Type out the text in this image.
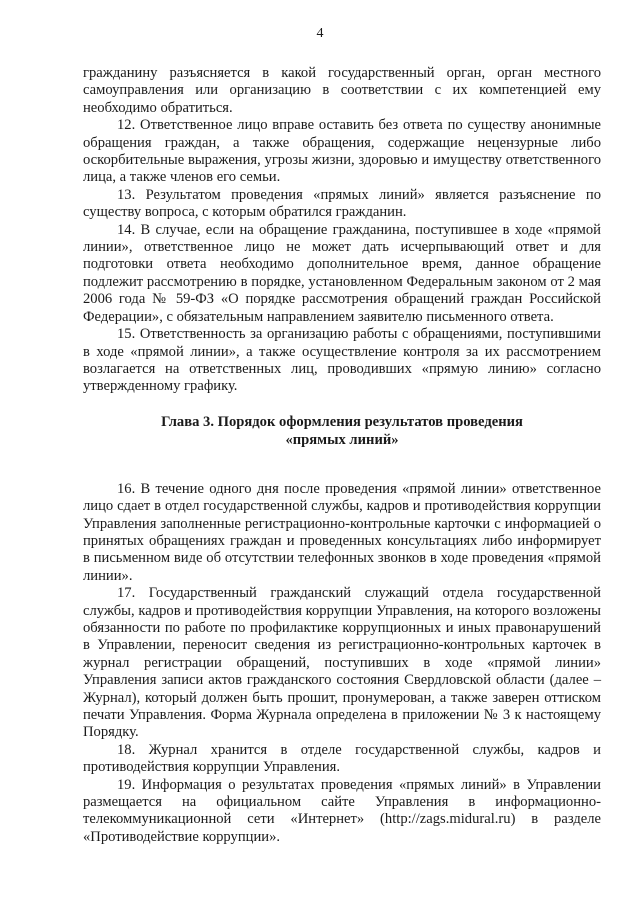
4

гражданину разъясняется в какой государственный орган, орган местного самоуправления или организацию в соответствии с их компетенцией ему необходимо обратиться.

12. Ответственное лицо вправе оставить без ответа по существу анонимные обращения граждан, а также обращения, содержащие нецензурные либо оскорбительные выражения, угрозы жизни, здоровью и имуществу ответственного лица, а также членов его семьи.

13. Результатом проведения «прямых линий» является разъяснение по существу вопроса, с которым обратился гражданин.

14. В случае, если на обращение гражданина, поступившее в ходе «прямой линии», ответственное лицо не может дать исчерпывающий ответ и для подготовки ответа необходимо дополнительное время, данное обращение подлежит рассмотрению в порядке, установленном Федеральным законом от 2 мая 2006 года № 59-ФЗ «О порядке рассмотрения обращений граждан Российской Федерации», с обязательным направлением заявителю письменного ответа.

15. Ответственность за организацию работы с обращениями, поступившими в ходе «прямой линии», а также осуществление контроля за их рассмотрением возлагается на ответственных лиц, проводивших «прямую линию» согласно утвержденному графику.

Глава 3. Порядок оформления результатов проведения
«прямых линий»

16. В течение одного дня после проведения «прямой линии» ответственное лицо сдает в отдел государственной службы, кадров и противодействия коррупции Управления заполненные регистрационно-контрольные карточки с информацией о принятых обращениях граждан и проведенных консультациях либо информирует в письменном виде об отсутствии телефонных звонков в ходе проведения «прямой линии».

17. Государственный гражданский служащий отдела государственной службы, кадров и противодействия коррупции Управления, на которого возложены обязанности по работе по профилактике коррупционных и иных правонарушений в Управлении, переносит сведения из регистрационно-контрольных карточек в журнал регистрации обращений, поступивших в ходе «прямой линии» Управления записи актов гражданского состояния Свердловской области (далее – Журнал), который должен быть прошит, пронумерован, а также заверен оттиском печати Управления. Форма Журнала определена в приложении № 3 к настоящему Порядку.

18. Журнал хранится в отделе государственной службы, кадров и противодействия коррупции Управления.

19. Информация о результатах проведения «прямых линий» в Управлении размещается на официальном сайте Управления в информационно-телекоммуникационной сети «Интернет» (http://zags.midural.ru) в разделе «Противодействие коррупции».
